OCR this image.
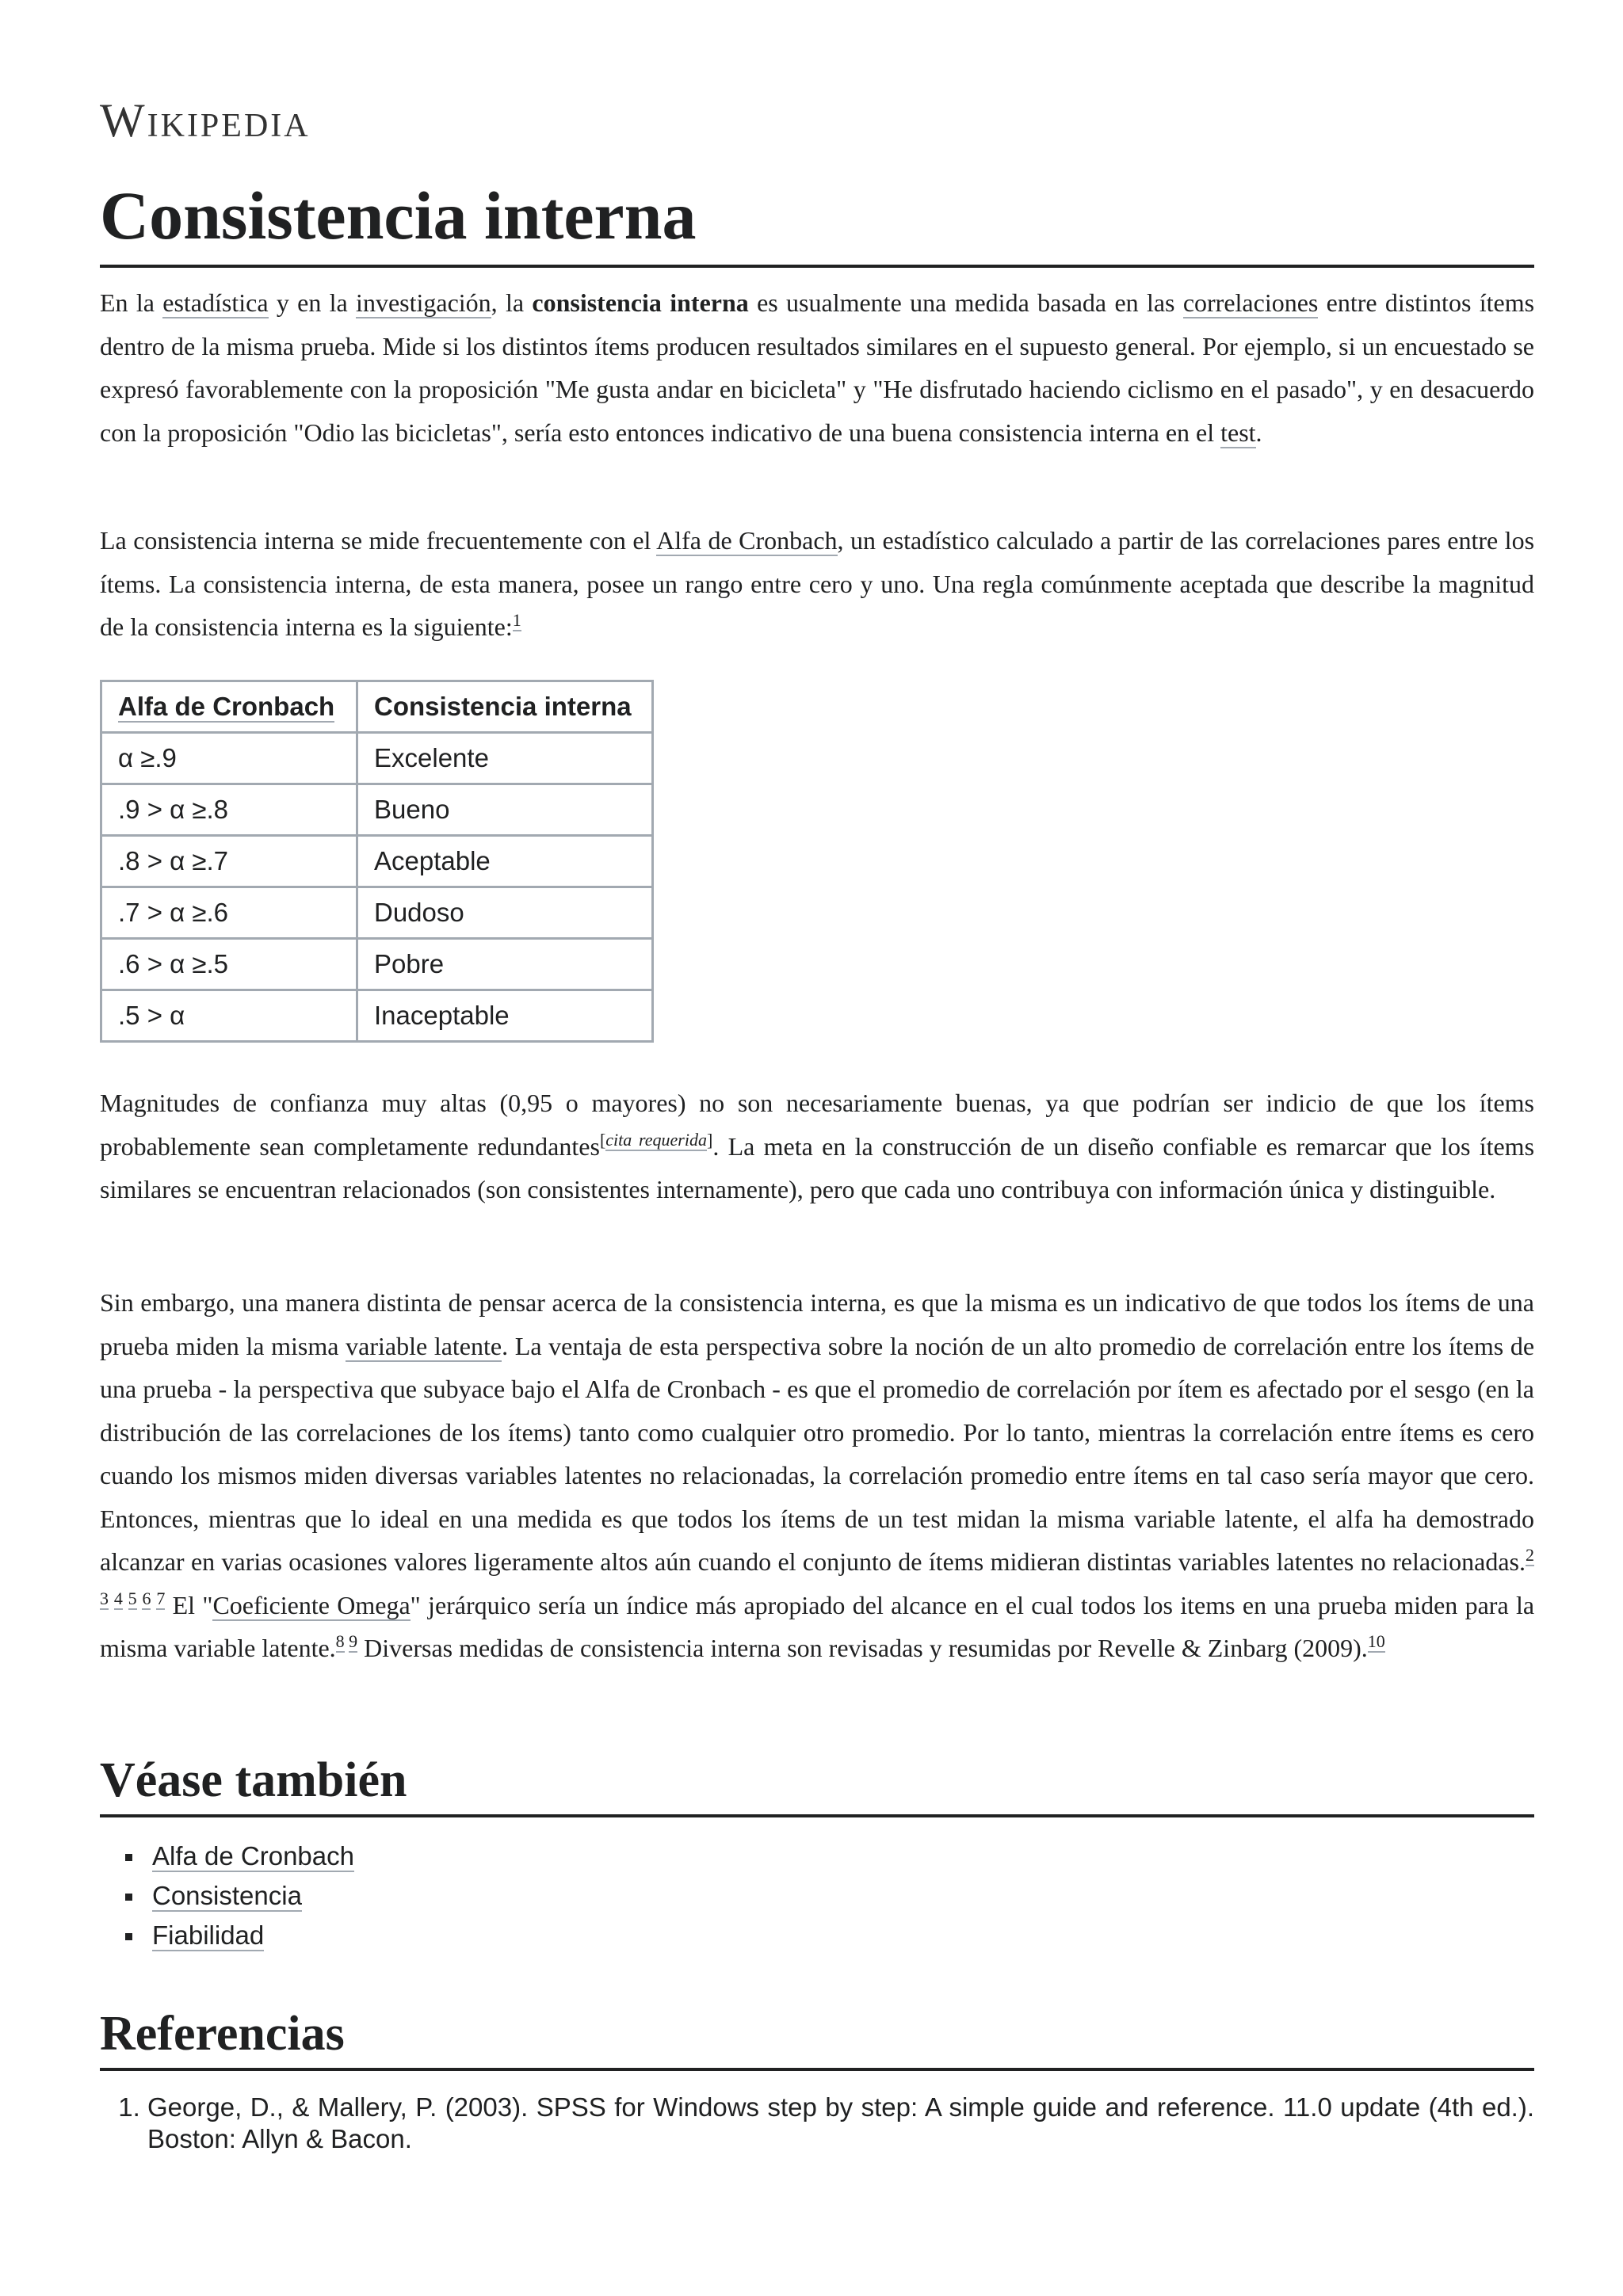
Wikipedia
Consistencia interna

En la estadística y en la investigación, la consistencia interna es usualmente una medida basada en las correlaciones entre distintos ítems dentro de la misma prueba. Mide si los distintos ítems producen resultados similares en el supuesto general. Por ejemplo, si un encuestado se expresó favorablemente con la proposición "Me gusta andar en bicicleta" y "He disfrutado haciendo ciclismo en el pasado", y en desacuerdo con la proposición "Odio las bicicletas", sería esto entonces indicativo de una buena consistencia interna en el test.

La consistencia interna se mide frecuentemente con el Alfa de Cronbach, un estadístico calculado a partir de las correlaciones pares entre los ítems. La consistencia interna, de esta manera, posee un rango entre cero y uno. Una regla comúnmente aceptada que describe la magnitud de la consistencia interna es la siguiente:$^1$

Alfa de Cronbach	Consistencia interna
α ≥.9	Excelente
.9 > α ≥.8	Bueno
.8 > α ≥.7	Aceptable
.7 > α ≥.6	Dudoso
.6 > α ≥.5	Pobre
.5 > α	Inaceptable

Magnitudes de confianza muy altas (0,95 o mayores) no son necesariamente buenas, ya que podrían ser indicio de que los ítems probablemente sean completamente redundantes[cita requerida]. La meta en la construcción de un diseño confiable es remarcar que los ítems similares se encuentran relacionados (son consistentes internamente), pero que cada uno contribuya con información única y distinguible.

Sin embargo, una manera distinta de pensar acerca de la consistencia interna, es que la misma es un indicativo de que todos los ítems de una prueba miden la misma variable latente. La ventaja de esta perspectiva sobre la noción de un alto promedio de correlación entre los ítems de una prueba - la perspectiva que subyace bajo el Alfa de Cronbach - es que el promedio de correlación por ítem es afectado por el sesgo (en la distribución de las correlaciones de los ítems) tanto como cualquier otro promedio. Por lo tanto, mientras la correlación entre ítems es cero cuando los mismos miden diversas variables latentes no relacionadas, la correlación promedio entre ítems en tal caso sería mayor que cero. Entonces, mientras que lo ideal en una medida es que todos los ítems de un test midan la misma variable latente, el alfa ha demostrado alcanzar en varias ocasiones valores ligeramente altos aún cuando el conjunto de ítems midieran distintas variables latentes no relacionadas.$^{2 3 4 5 6 7}$ El "Coeficiente Omega" jerárquico sería un índice más apropiado del alcance en el cual todos los items en una prueba miden para la misma variable latente.$^{8 9}$ Diversas medidas de consistencia interna son revisadas y resumidas por Revelle & Zinbarg (2009).$^{10}$

Véase también
Alfa de Cronbach
Consistencia
Fiabilidad
Referencias
1. George, D., & Mallery, P. (2003). SPSS for Windows step by step: A simple guide and reference. 11.0 update (4th ed.). Boston: Allyn & Bacon.
